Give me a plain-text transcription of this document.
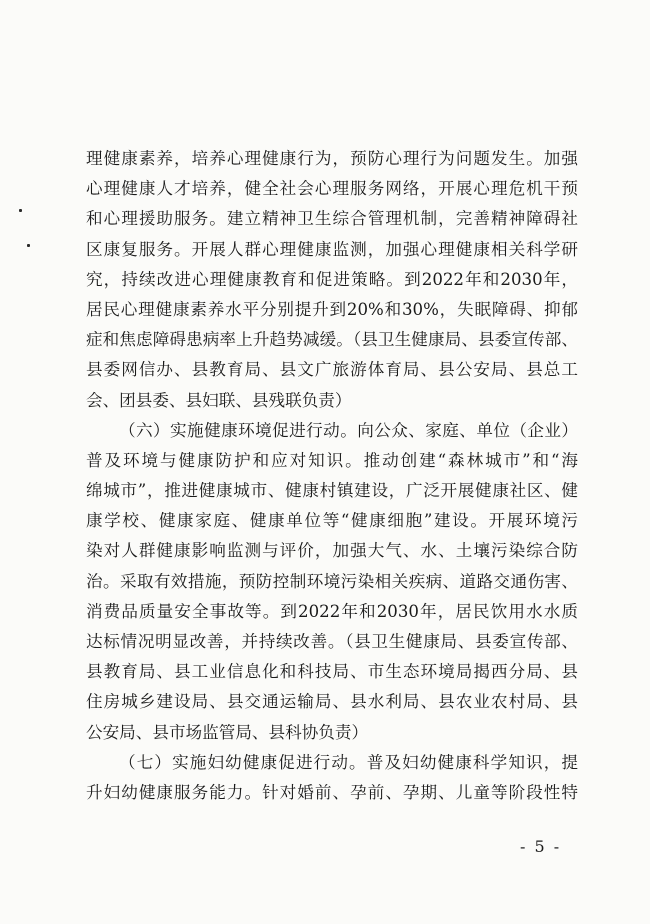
理健康素养，培养心理健康行为，预防心理行为问题发生。加强
心理健康人才培养，健全社会心理服务网络，开展心理危机干预
和心理援助服务。建立精神卫生综合管理机制，完善精神障碍社
区康复服务。开展人群心理健康监测，加强心理健康相关科学研
究，持续改进心理健康教育和促进策略。到2022年和2030年，
居民心理健康素养水平分别提升到20%和30%，失眠障碍、抑郁
症和焦虑障碍患病率上升趋势减缓。（县卫生健康局、县委宣传部、
县委网信办、县教育局、县文广旅游体育局、县公安局、县总工
会、团县委、县妇联、县残联负责）
（六）实施健康环境促进行动。向公众、家庭、单位（企业）
普及环境与健康防护和应对知识。推动创建“森林城市”和“海
绵城市”，推进健康城市、健康村镇建设，广泛开展健康社区、健
康学校、健康家庭、健康单位等“健康细胞”建设。开展环境污
染对人群健康影响监测与评价，加强大气、水、土壤污染综合防
治。采取有效措施，预防控制环境污染相关疾病、道路交通伤害、
消费品质量安全事故等。到2022年和2030年，居民饮用水水质
达标情况明显改善，并持续改善。（县卫生健康局、县委宣传部、
县教育局、县工业信息化和科技局、市生态环境局揭西分局、县
住房城乡建设局、县交通运输局、县水利局、县农业农村局、县
公安局、县市场监管局、县科协负责）
（七）实施妇幼健康促进行动。普及妇幼健康科学知识，提
升妇幼健康服务能力。针对婚前、孕前、孕期、儿童等阶段性特
- 5 -
